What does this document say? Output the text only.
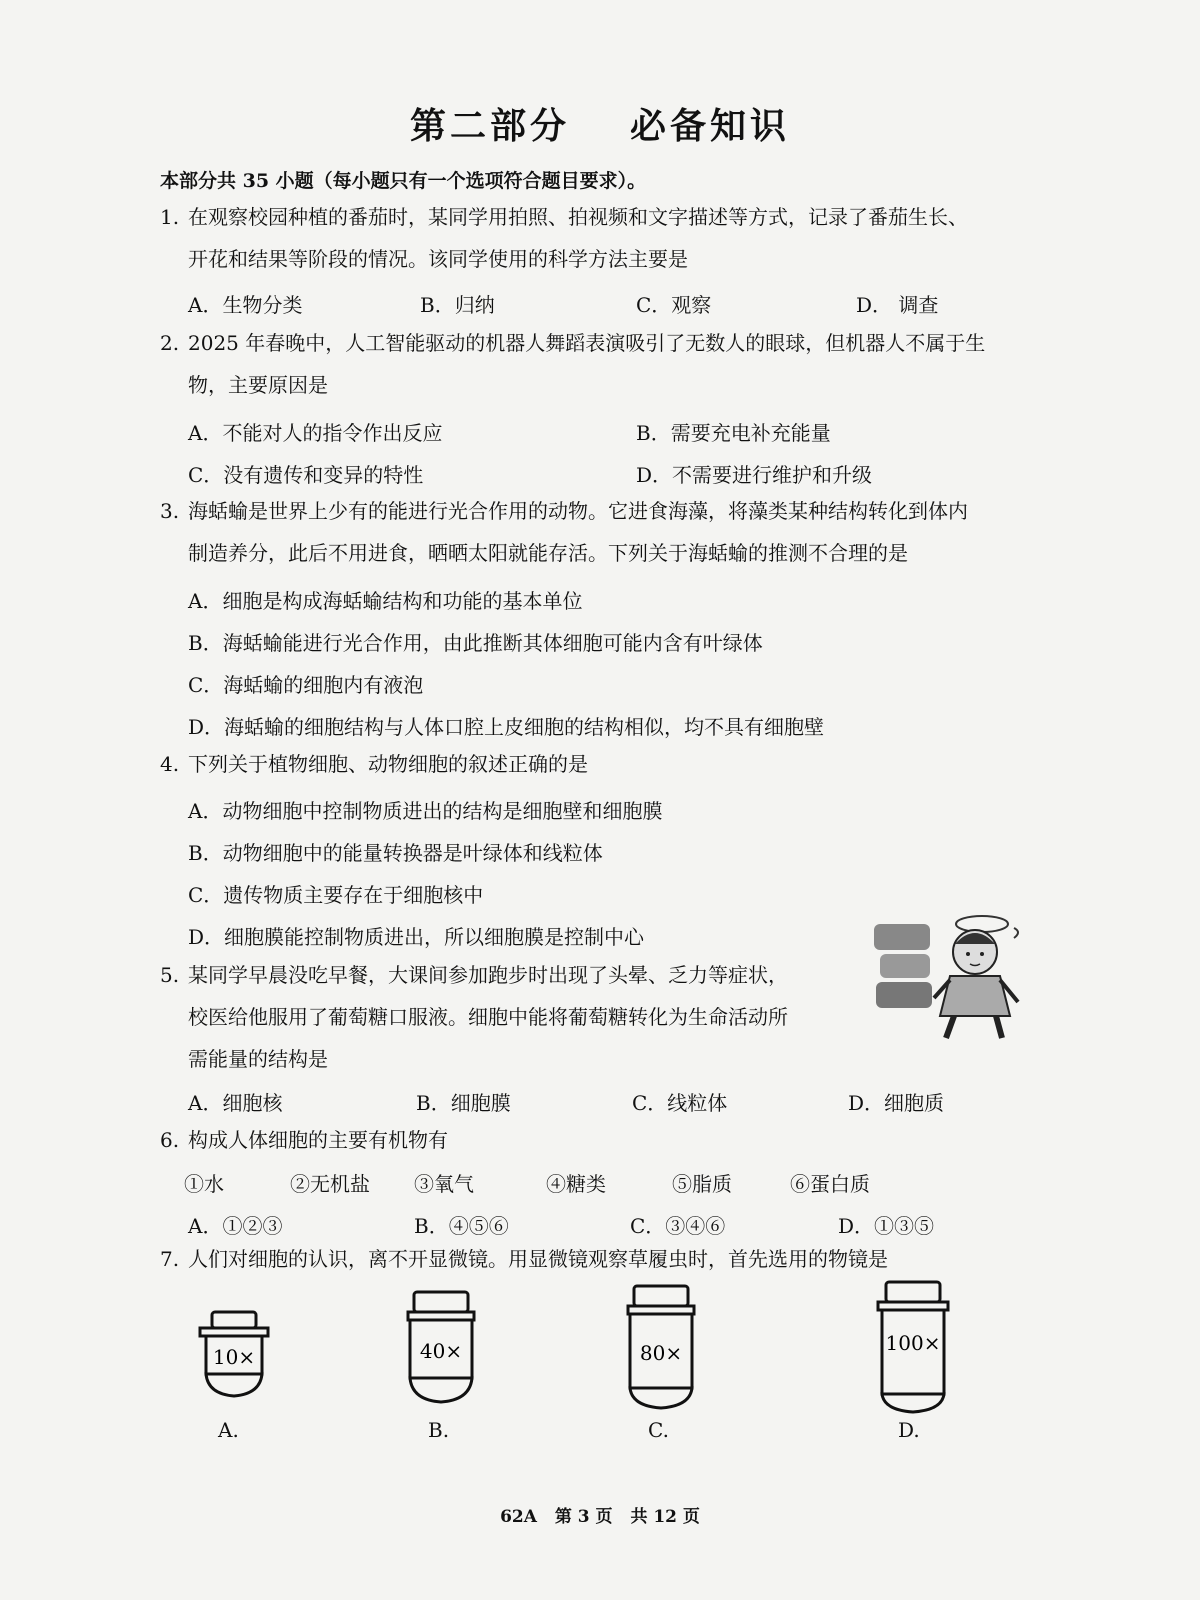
第二部分 必备知识
本部分共 35 小题（每小题只有一个选项符合题目要求）。
1. 在观察校园种植的番茄时，某同学用拍照、拍视频和文字描述等方式，记录了番茄生长、
开花和结果等阶段的情况。该同学使用的科学方法主要是
A．生物分类	B．归纳	C．观察	D． 调查
2. 2025 年春晚中，人工智能驱动的机器人舞蹈表演吸引了无数人的眼球，但机器人不属于生
物，主要原因是
A．不能对人的指令作出反应	B．需要充电补充能量
C．没有遗传和变异的特性	D．不需要进行维护和升级
3. 海蛞蝓是世界上少有的能进行光合作用的动物。它进食海藻，将藻类某种结构转化到体内
制造养分，此后不用进食，晒晒太阳就能存活。下列关于海蛞蝓的推测不合理的是
A．细胞是构成海蛞蝓结构和功能的基本单位
B．海蛞蝓能进行光合作用，由此推断其体细胞可能内含有叶绿体
C．海蛞蝓的细胞内有液泡
D．海蛞蝓的细胞结构与人体口腔上皮细胞的结构相似，均不具有细胞壁
4. 下列关于植物细胞、动物细胞的叙述正确的是
A．动物细胞中控制物质进出的结构是细胞壁和细胞膜
B．动物细胞中的能量转换器是叶绿体和线粒体
C．遗传物质主要存在于细胞核中
D．细胞膜能控制物质进出，所以细胞膜是控制中心
5. 某同学早晨没吃早餐，大课间参加跑步时出现了头晕、乏力等症状，
校医给他服用了葡萄糖口服液。细胞中能将葡萄糖转化为生命活动所
需能量的结构是
A．细胞核	B．细胞膜	C．线粒体	D．细胞质
6. 构成人体细胞的主要有机物有
①水	②无机盐 ③氧气	④糖类	⑤脂质	⑥蛋白质
A．①②③	B．④⑤⑥	C．③④⑥	D．①③⑤
7. 人们对细胞的认识，离不开显微镜。用显微镜观察草履虫时，首先选用的物镜是
10×
A.
40×
B.
80×
C.
100×
D.
62A 第 3 页 共 12 页
